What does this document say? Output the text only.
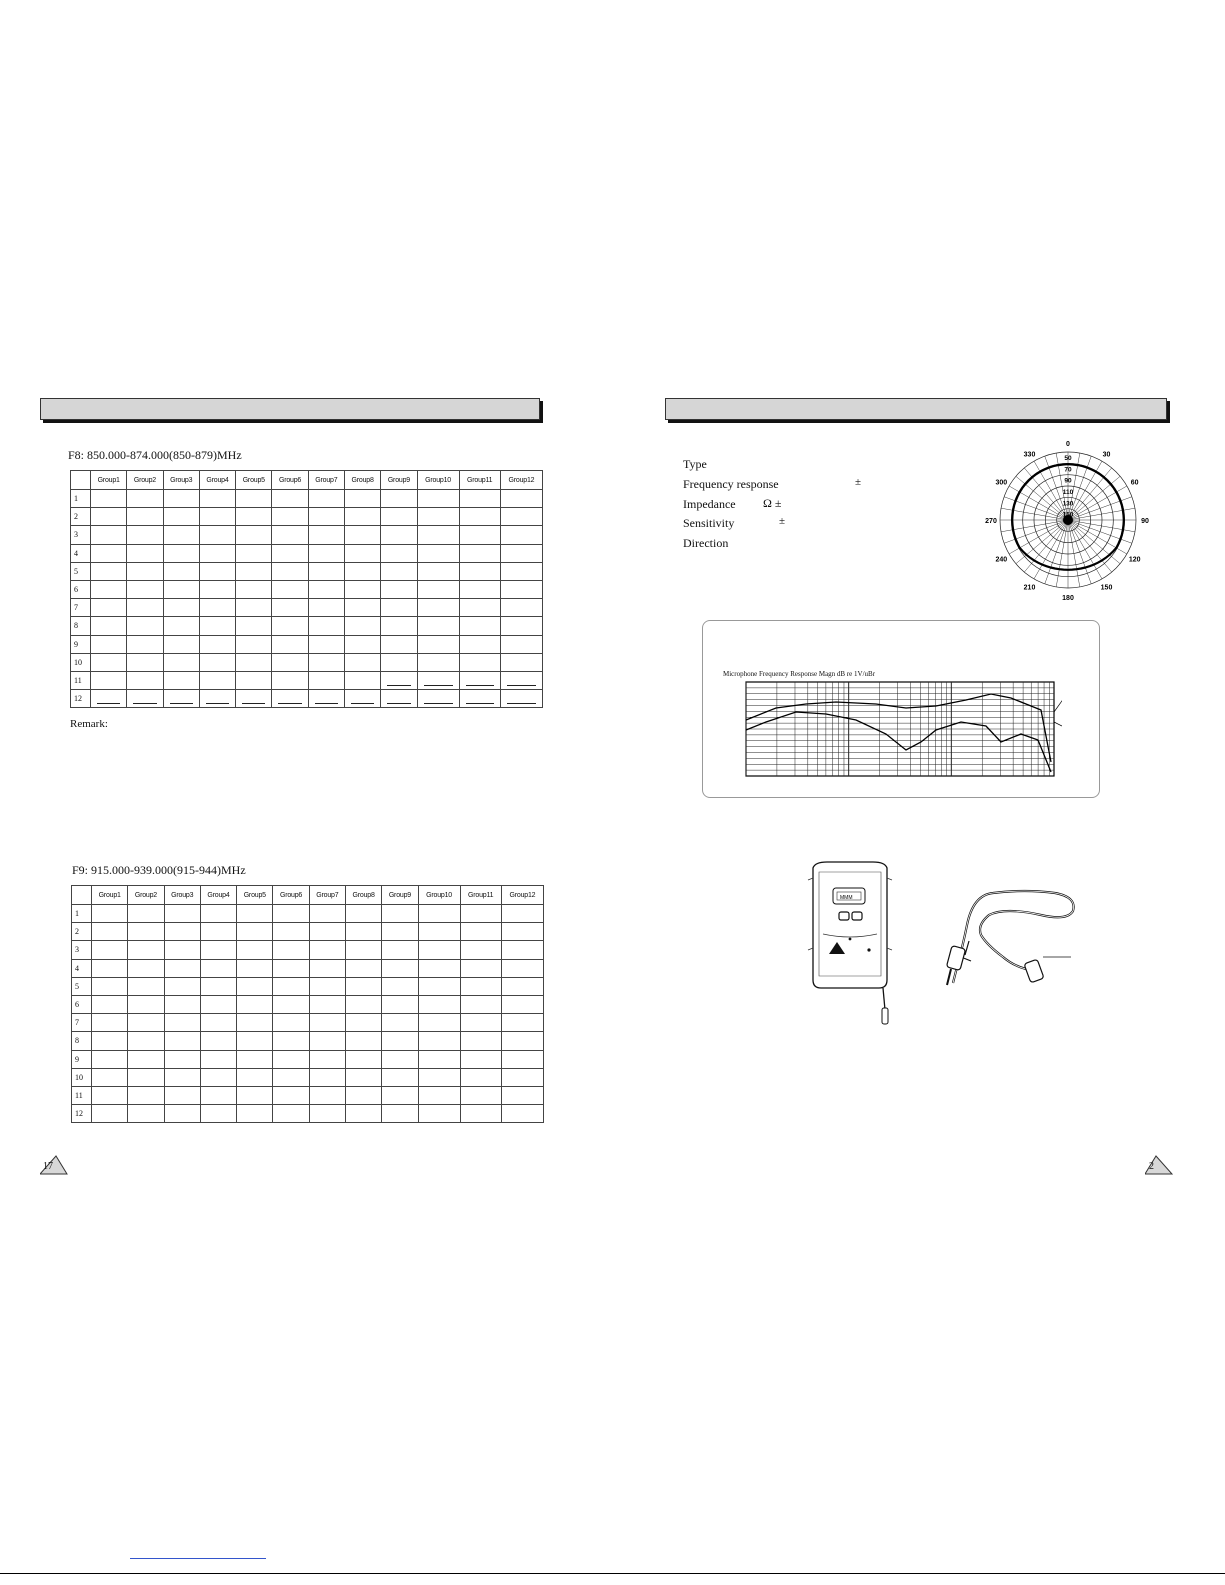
F8: 850.000-874.000(850-879)MHz
	Group1	Group2	Group3	Group4	Group5	Group6	Group7	Group8	Group9	Group10	Group11	Group12
1												
2												
3												
4												
5												
6												
7												
8												
9												
10												
11												
12												
Remark:
F9: 915.000-939.000(915-944)MHz
	Group1	Group2	Group3	Group4	Group5	Group6	Group7	Group8	Group9	Group10	Group11	Group12
1												
2												
3												
4												
5												
6												
7												
8												
9												
10												
11												
12												
17
Type
Frequency response	±
Impedance Ω ±
Sensitivity	±
Direction
0
30
60
90
120
150
180
210
240
270
300
330
50
70
90
110
130
150
Microphone Frequency Response Magn dB re 1V/uBr
MMM
2
